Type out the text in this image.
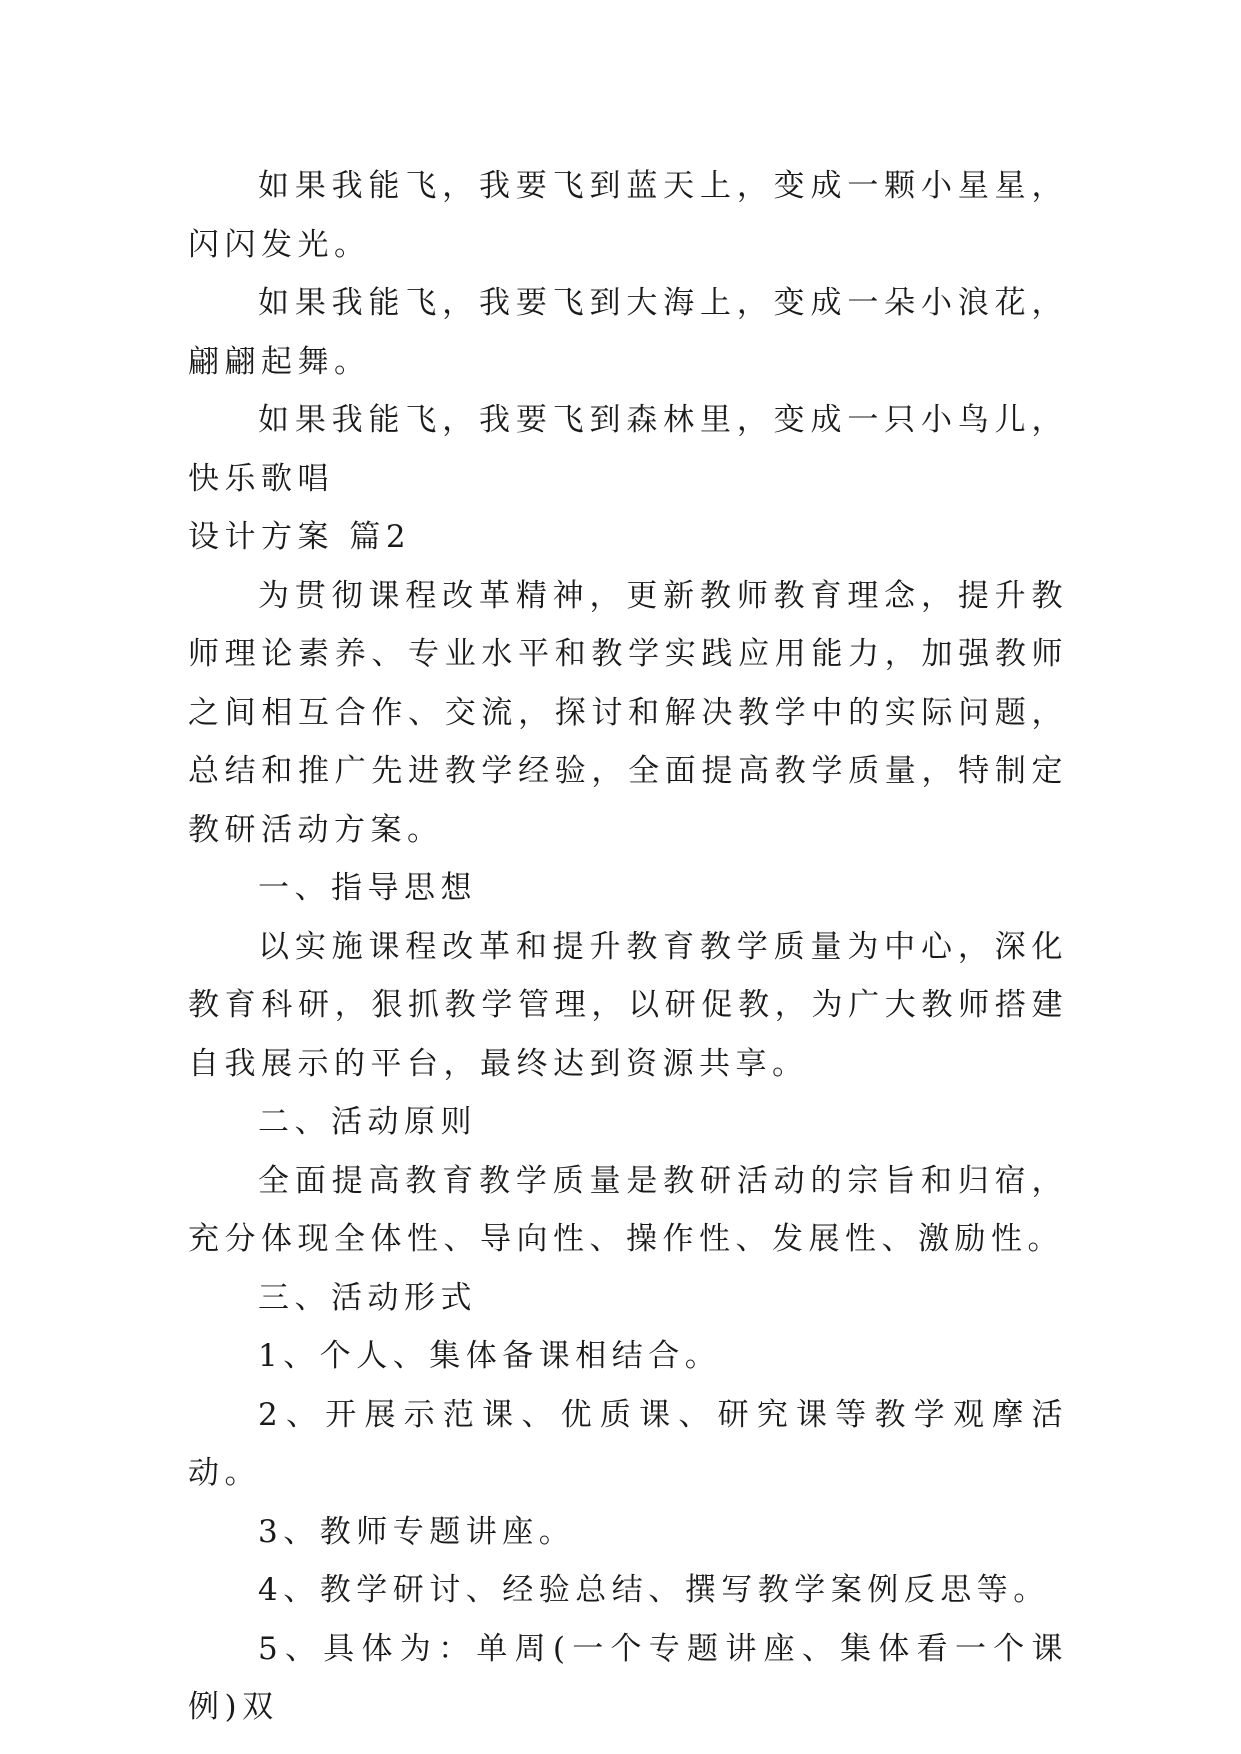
如果我能飞，我要飞到蓝天上，变成一颗小星星，闪闪发光。

如果我能飞，我要飞到大海上，变成一朵小浪花，翩翩起舞。

如果我能飞，我要飞到森林里，变成一只小鸟儿，快乐歌唱

设计方案 篇2

为贯彻课程改革精神，更新教师教育理念，提升教师理论素养、专业水平和教学实践应用能力，加强教师之间相互合作、交流，探讨和解决教学中的实际问题，总结和推广先进教学经验，全面提高教学质量，特制定教研活动方案。

一、指导思想

以实施课程改革和提升教育教学质量为中心，深化教育科研，狠抓教学管理，以研促教，为广大教师搭建自我展示的平台，最终达到资源共享。

二、活动原则

全面提高教育教学质量是教研活动的宗旨和归宿，充分体现全体性、导向性、操作性、发展性、激励性。

三、活动形式

1、个人、集体备课相结合。

2、开展示范课、优质课、研究课等教学观摩活动。

3、教师专题讲座。

4、教学研讨、经验总结、撰写教学案例反思等。

5、具体为：单周(一个专题讲座、集体看一个课例)双
